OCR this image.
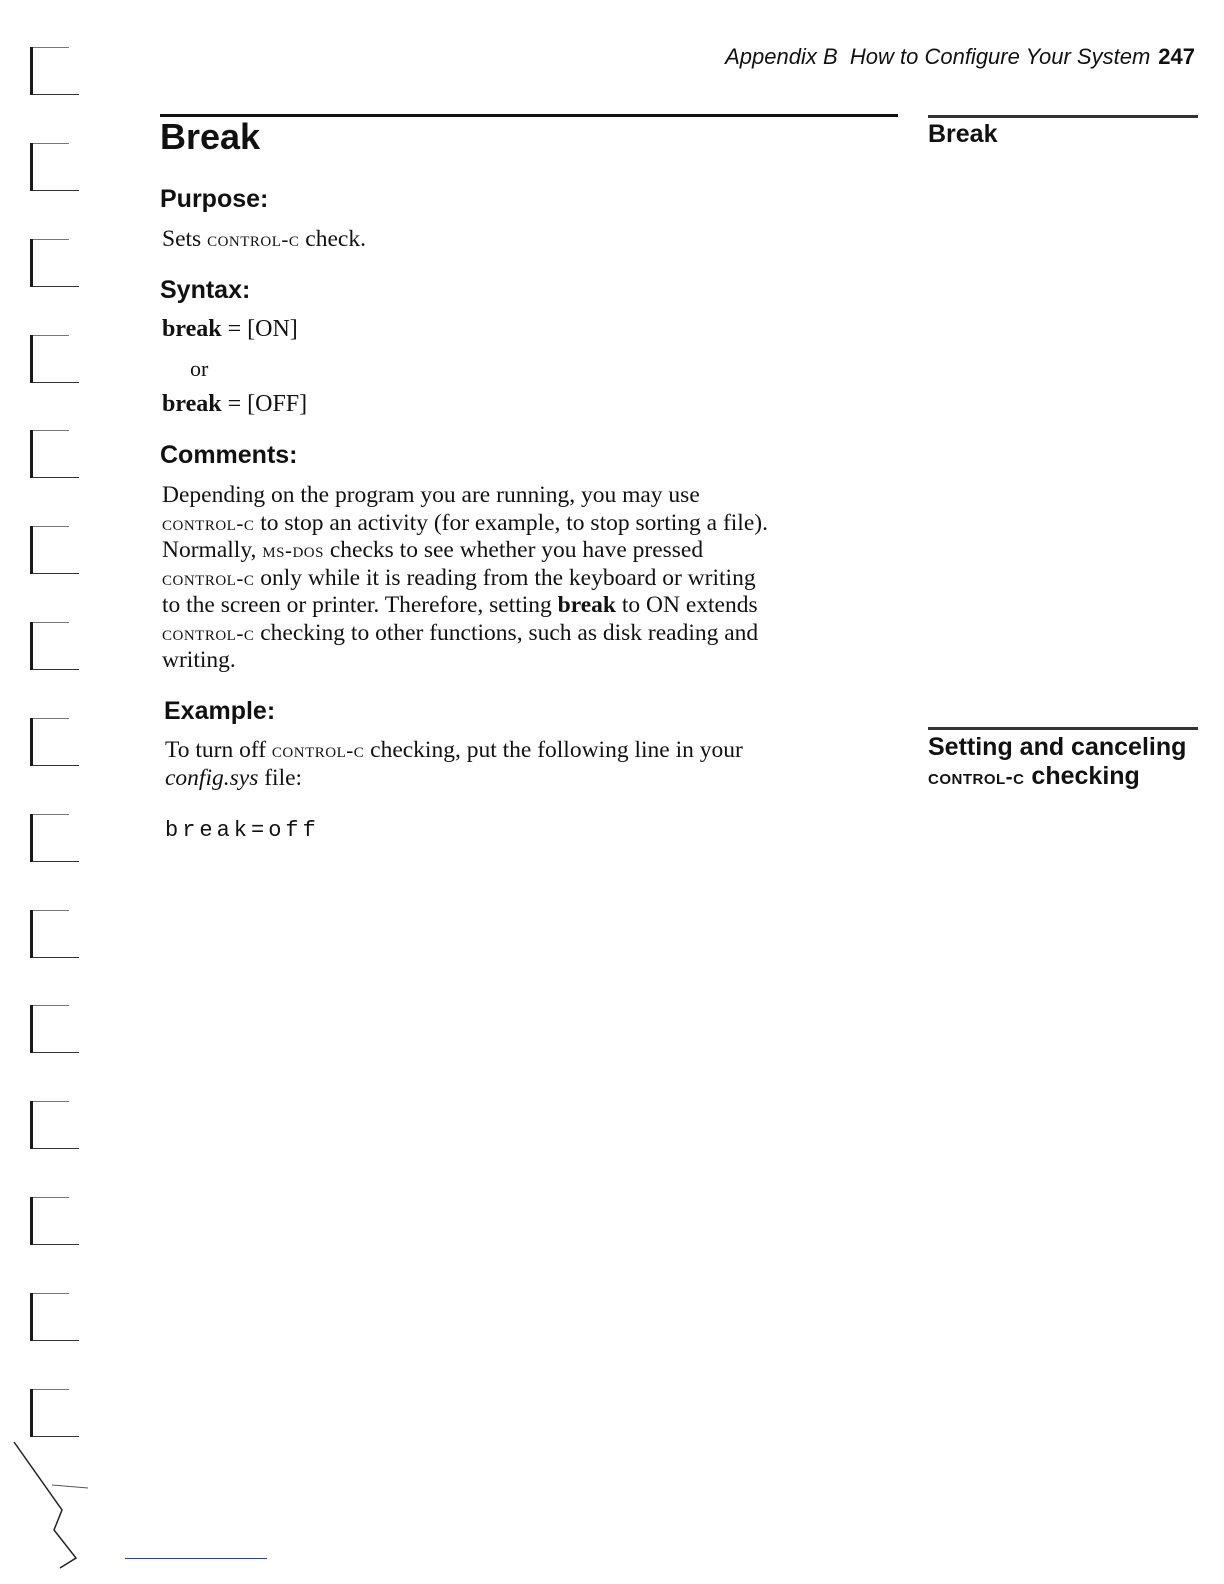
Appendix B  How to Configure Your System 247
Break	Break
Setting and canceling
control-c checking
Purpose:

Sets control-c check.

Syntax:
break = [ON]
or
break = [OFF]
Comments:

Depending on the program you are running, you may use
control-c to stop an activity (for example, to stop sorting a file).
Normally, ms-dos checks to see whether you have pressed
control-c only while it is reading from the keyboard or writing
to the screen or printer. Therefore, setting break to ON extends
control-c checking to other functions, such as disk reading and
writing.

Example:

To turn off control-c checking, put the following line in your
config.sys file:

break=off
